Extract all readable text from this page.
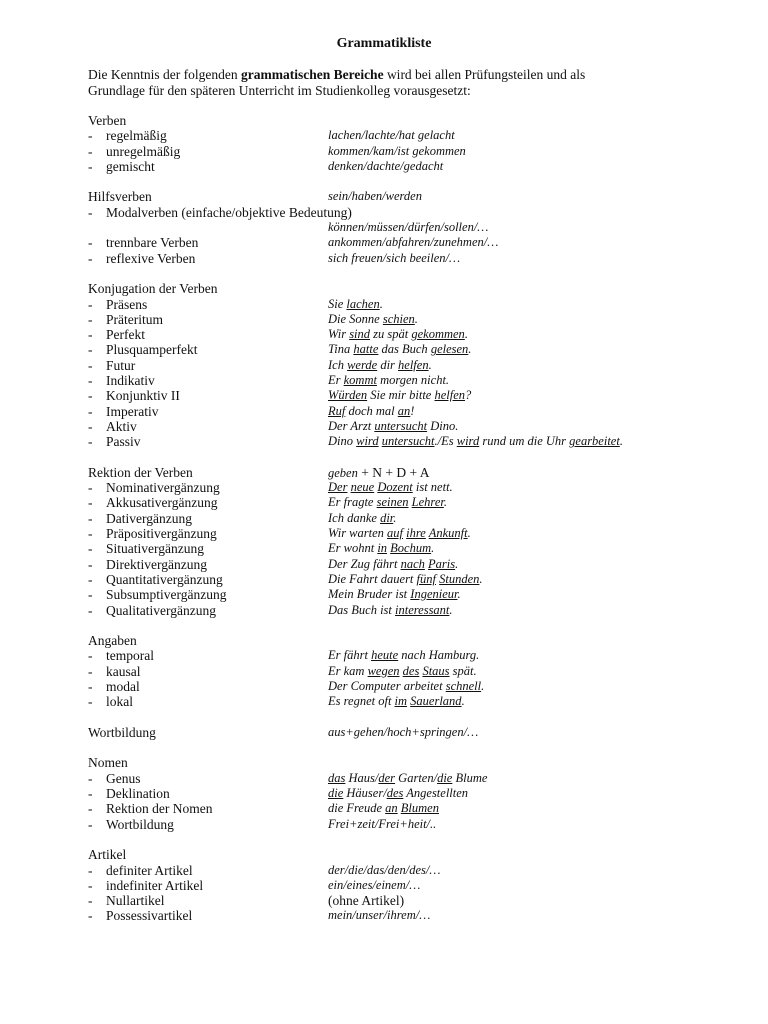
Grammatikliste
Die Kenntnis der folgenden grammatischen Bereiche wird bei allen Prüfungsteilen und als
Grundlage für den späteren Unterricht im Studienkolleg vorausgesetzt:
Verben
- regelmäßig	lachen/lachte/hat gelacht
- unregelmäßig	kommen/kam/ist gekommen
- gemischt	denken/dachte/gedacht
Hilfsverben	sein/haben/werden
- Modalverben (einfache/objektive Bedeutung)
können/müssen/dürfen/sollen/…
- trennbare Verben	ankommen/abfahren/zunehmen/…
- reflexive Verben	sich freuen/sich beeilen/…
Konjugation der Verben
- Präsens	Sie lachen.
- Präteritum	Die Sonne schien.
- Perfekt	Wir sind zu spät gekommen.
- Plusquamperfekt	Tina hatte das Buch gelesen.
- Futur	Ich werde dir helfen.
- Indikativ	Er kommt morgen nicht.
- Konjunktiv II	Würden Sie mir bitte helfen?
- Imperativ	Ruf doch mal an!
- Aktiv	Der Arzt untersucht Dino.
- Passiv	Dino wird untersucht./Es wird rund um die Uhr gearbeitet.
Rektion der Verben	geben + N + D + A
- Nominativergänzung	Der neue Dozent ist nett.
- Akkusativergänzung	Er fragte seinen Lehrer.
- Dativergänzung	Ich danke dir.
- Präpositivergänzung	Wir warten auf ihre Ankunft.
- Situativergänzung	Er wohnt in Bochum.
- Direktivergänzung	Der Zug fährt nach Paris.
- Quantitativergänzung	Die Fahrt dauert fünf Stunden.
- Subsumptivergänzung	Mein Bruder ist Ingenieur.
- Qualitativergänzung	Das Buch ist interessant.
Angaben
- temporal	Er fährt heute nach Hamburg.
- kausal	Er kam wegen des Staus spät.
- modal	Der Computer arbeitet schnell.
- lokal	Es regnet oft im Sauerland.
Wortbildung	aus+gehen/hoch+springen/…
Nomen
- Genus	das Haus/der Garten/die Blume
- Deklination	die Häuser/des Angestellten
- Rektion der Nomen	die Freude an Blumen
- Wortbildung	Frei+zeit/Frei+heit/..
Artikel
- definiter Artikel	der/die/das/den/des/…
- indefiniter Artikel	ein/eines/einem/…
- Nullartikel	(ohne Artikel)
- Possessivartikel	mein/unser/ihrem/…
